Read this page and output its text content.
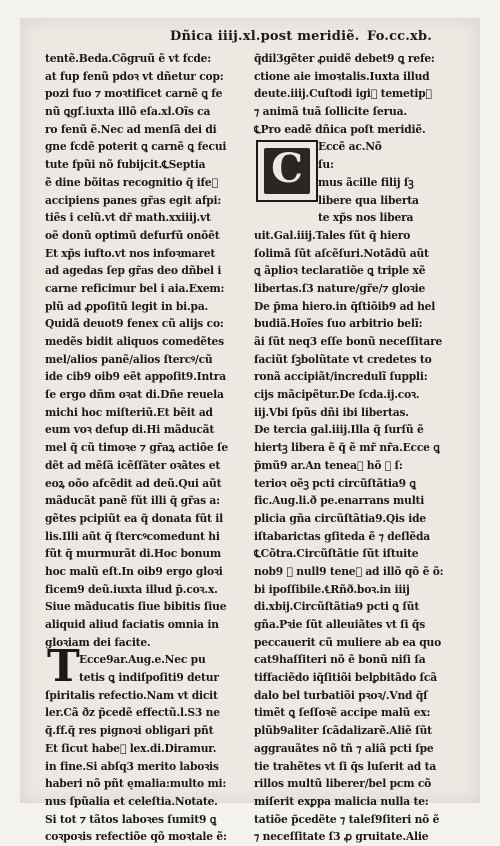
Dñica iiij.xl.post meridiẽ. Fo.cc.xb.
tentẽ.Beda.Cõgruũ ẽ vt fcde:
at fup fenũ pdoꝛ vt dñetur cop:
pozi fuo ⁊ moꝛtificet carnẽ ꝗ fe
nũ ꝗgſ.iuxta illõ eſa.xl.Oĩs ca
ro fenũ ẽ.Nec ad menſã dei di
gne fcdẽ poterit ꝗ carnẽ ꝗ fecui
tute fpũi nõ fubijcit.℄Septia
ẽ dine bõitas recognitio q̃ ifeᷓ
accipiens panes gr̃as egit afpi:
tiẽs i celũ.vt dr̃ math.xxiiij.vt
oẽ donũ optimũ defurfũ onõẽt
Et xp̃s iufto.vt nos infoꝛmaret
ad agedas ſep gr̃as deo dñbel i
carne reficimur bel i aia.Exem:
plũ ad ꝓpoſitũ legit in bi.pa.
Quidã deuot9 fenex cũ alijs co:
medẽs bidit aliquos comedẽtes
mel/alios panẽ/alios ſtercꝰ/cũ
ide cib9 oib9 eẽt appoſit9.Intra
ſe ergo dñm oꝛat di.Dñe reuela
michi hoc miſteriũ.Et bẽit ad
eum voꝛ defup di.Hi mãducãt
mel q̃ cũ timoꝛe ⁊ gr̃aꝝ actiõe ſe
dẽt ad mẽſã icẽſſãter oꝛãtes et
eoꝝ oõo afcẽdit ad deũ.Qui aũt
mãducãt panẽ fũt illi q̃ gr̃as a:
gẽtes pcipiũt ea q̃ donata fũt il
lis.Illi aũt q̃ ſtercꝰcomedunt hi
fũt q̃ murmurãt di.Hoc bonum
hoc malũ eſt.In oib9 ergo gloꝛi
ficem9 deũ.iuxta illud p̃.coꝛ.x.
Siue mãducatis ſiue bibitis ſiue
aliquid aliud faciatis omnia in
gloꝛiam dei facite.
Ecce9ar.Aug.e.Nec pu
T tetis ꝗ indiſpoſiti9 detur
ſpiritalis refectio.Nam vt dicit
ler.Cã ðz p̃cedẽ effectũ.l.S3 ne
q̃.ff.q̃ res pignoꝛi obligari pñt
Et ſicut habeᷓ lex.di.Diramur.
in fine.Si abſq3 merito laboꝛis
haberi nõ pñt ęmalia:multo mi:
nus ſpũalia et celeſtia.Notate.
Si tot ⁊ tãtos laboꝛes ſumit9 ꝗ
coꝛpoꝛis refectiõe qõ moꝛtale ẽ:
q̃dil3gẽter ꝓuidẽ debet9 ꝗ refe:
ctione aie imoꝛtalis.Iuxta illud
deute.iiij.Cuſtodi igiᷓ temetipꝰ
⁊ animã tuã ſollicite ſerua.
℄Pro eadẽ dñica poſt meridiẽ.
Eccẽ ac.Nõ
C	ſu:
mus ãcille filij ſꝫ
libere qua liberta
te xp̃s nos libera
uit.Gal.iiij.Tales ſũt q̃ hiero
ſolimã ſũt aſcẽſuri.Notãdũ aũt
ꝗ ãplioꝛ teclaratiõe ꝗ triple xẽ
libertas.ſ3 nature/gr̃e/⁊ gloꝛie
De p̃ma hiero.in q̃ſtiõib9 ad hel
budiã.Hoĩes ſuo arbitrio belĩ:
ãi ſũt neq3 eſſe bonũ neceſſitare
faciũt ſꝫbolũtate vt credetes to
ronã accipiãt/incredulĩ ſuppli:
cijs mãcipẽtur.De ſcda.ij.coꝛ.
iij.Vbi ſpũs dñi ibi libertas.
De tercia gal.iiij.Illa q̃ ſurſũ ẽ
hiertꝫ libera ẽ q̃ ẽ mr̃ nr̃a.Ecce ꝗ
p̃mũ9 ar.An teneaᷓ hõ ꝗ ſ:
terioꝛ oẽꝫ pcti circũſtãtia9 ꝗ
fic.Aug.li.ð pe.enarrans multi
plicia gña circũſtãtia9.Qis ide
iſtabarictas gſiteda ẽ ⁊ deſlẽda
℄Cõtra.Circũſtãtie ſũt iſtuite
nob9 ⁊ null9 teneᷓ ad illõ qõ ẽ õ:
bi ipoſſibile.℄Rñð.boꝛ.in iiij
di.xbij.Circũſtãtia9 pcti ꝗ ſũt
gña.Pꝛie ſũt alleuiãtes vt ſi q̃s
peccauerit cũ muliere ab ea quo
cat9haſſiteri nõ ẽ bonũ niſi ſa
tiffaciẽdo iq̃ſitiõi belꝑbitãdo ſcã
dalo bel turbatiõi pꝛoꝛ/.Vnd q̃ſ
timẽt ꝗ ſeſſoꝛẽ accipe malũ ex:
plũb9aliter ſcãdalizarẽ.Aliẽ ſũt
aggrauãtes nõ tñ ⁊ aliã pcti ſpe
tie trahẽtes vt ſi q̃s luſerit ad ta
rillos multũ liberer/bel pcm cõ
miſerit exꝑpa malicia nulla te:
tatiõe p̃cedẽte ⁊ taleſ9ſiteri nõ ẽ
⁊ neceſſitate ſ3 ꝓ gruitate.Alie
